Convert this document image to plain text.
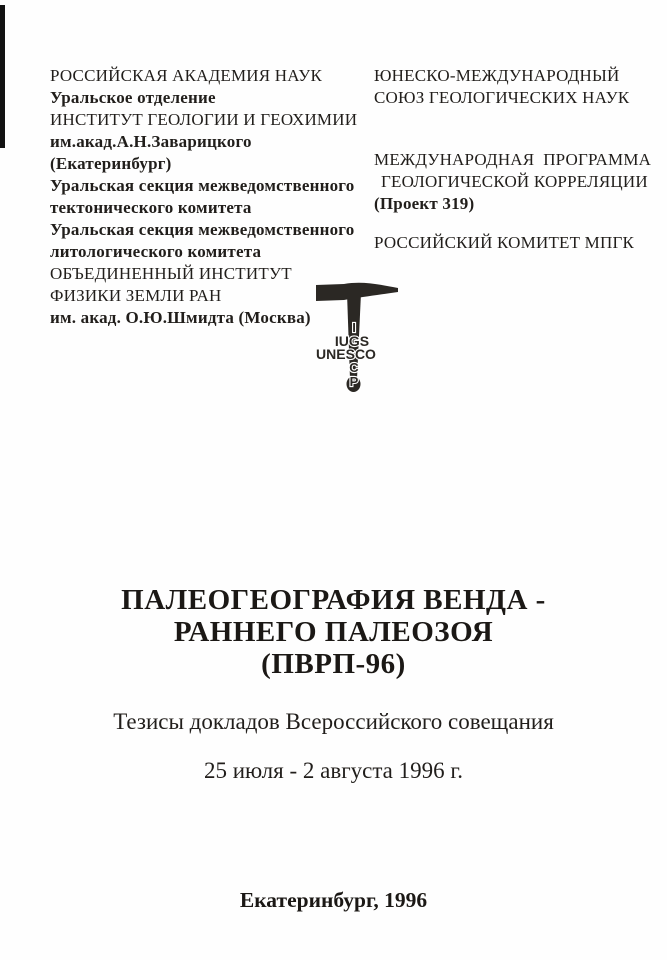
РОССИЙСКАЯ АКАДЕМИЯ НАУК
Уральское отделение
ИНСТИТУТ ГЕОЛОГИИ И ГЕОХИМИИ
им.акад.А.Н.Заварицкого
(Екатеринбург)
Уральская секция межведомственного
тектонического комитета
Уральская секция межведомственного
литологического комитета
ОБЪЕДИНЕННЫЙ ИНСТИТУТ
ФИЗИКИ ЗЕМЛИ РАН
им. акад. О.Ю.Шмидта (Москва)
ЮНЕСКО-МЕЖДУНАРОДНЫЙ
СОЮЗ ГЕОЛОГИЧЕСКИХ НАУК
МЕЖДУНАРОДНАЯ  ПРОГРАММА
ГЕОЛОГИЧЕСКОЙ КОРРЕЛЯЦИИ
(Проект 319)
РОССИЙСКИЙ КОМИТЕТ МПГК
I
IUGS
UNESCO
C
P
ПАЛЕОГЕОГРАФИЯ ВЕНДА -
РАННЕГО ПАЛЕОЗОЯ
(ПВРП-96)
Тезисы докладов Всероссийского совещания
25 июля - 2 августа 1996 г.
Екатеринбург, 1996
